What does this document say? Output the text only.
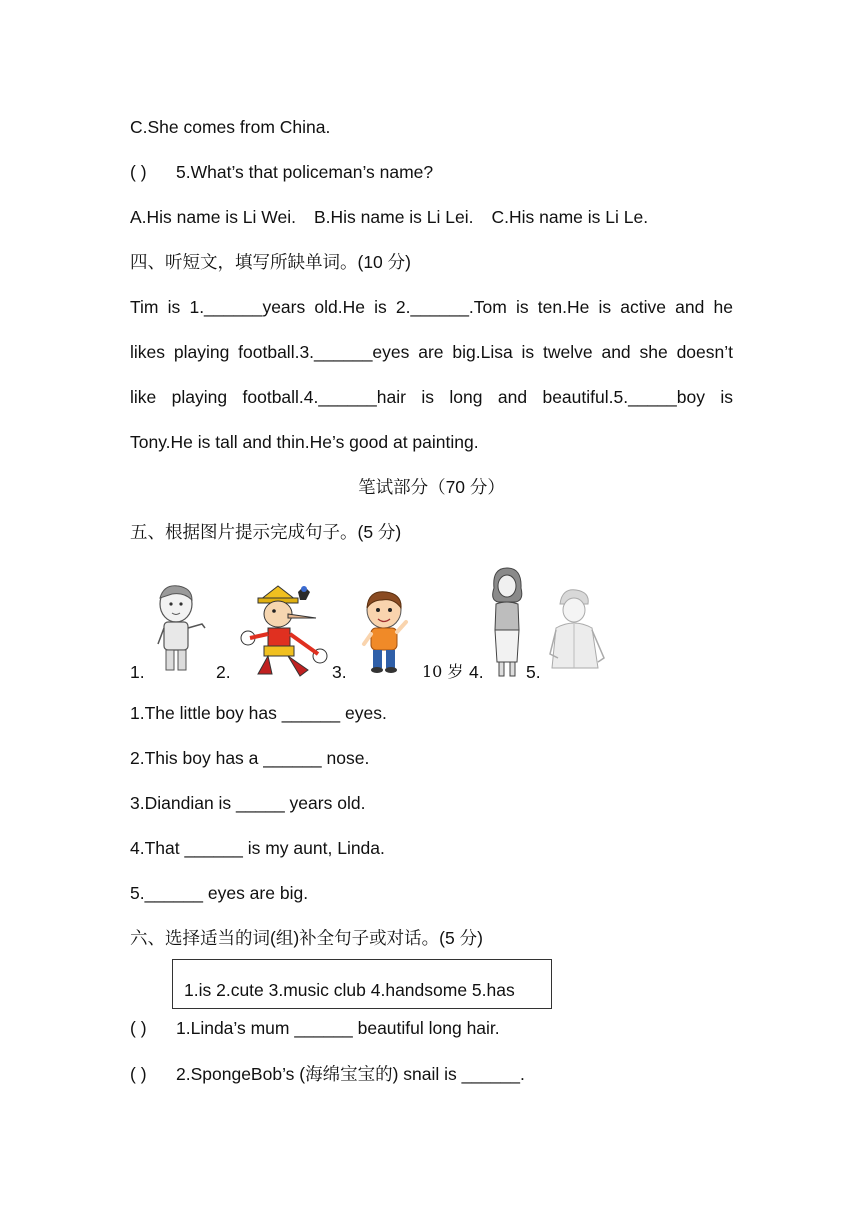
C.She comes from China.
( ) 5.What’s that policeman’s name?
A.His name is Li Wei. B.His name is Li Lei. C.His name is Li Le.
四、听短文，填写所缺单词。(10 分)
Tim is 1.______years old.He is 2.______.Tom is ten.He is active and he
likes playing football.3.______eyes are big.Lisa is twelve and she doesn’t
like playing football.4.______hair is long and beautiful.5._____boy is
Tony.He is tall and thin.He’s good at painting.
笔试部分（70 分）
五、根据图片提示完成句子。(5 分)
1.	2.	3.	10 岁 4. 5.
1.The little boy has ______ eyes.
2.This boy has a ______ nose.
3.Diandian is _____ years old.
4.That ______ is my aunt, Linda.
5.______ eyes are big.
六、选择适当的词(组)补全句子或对话。(5 分)
1.is 2.cute 3.music club 4.handsome 5.has
( ) 1.Linda’s mum ______ beautiful long hair.
( ) 2.SpongeBob’s (海绵宝宝的) snail is ______.
